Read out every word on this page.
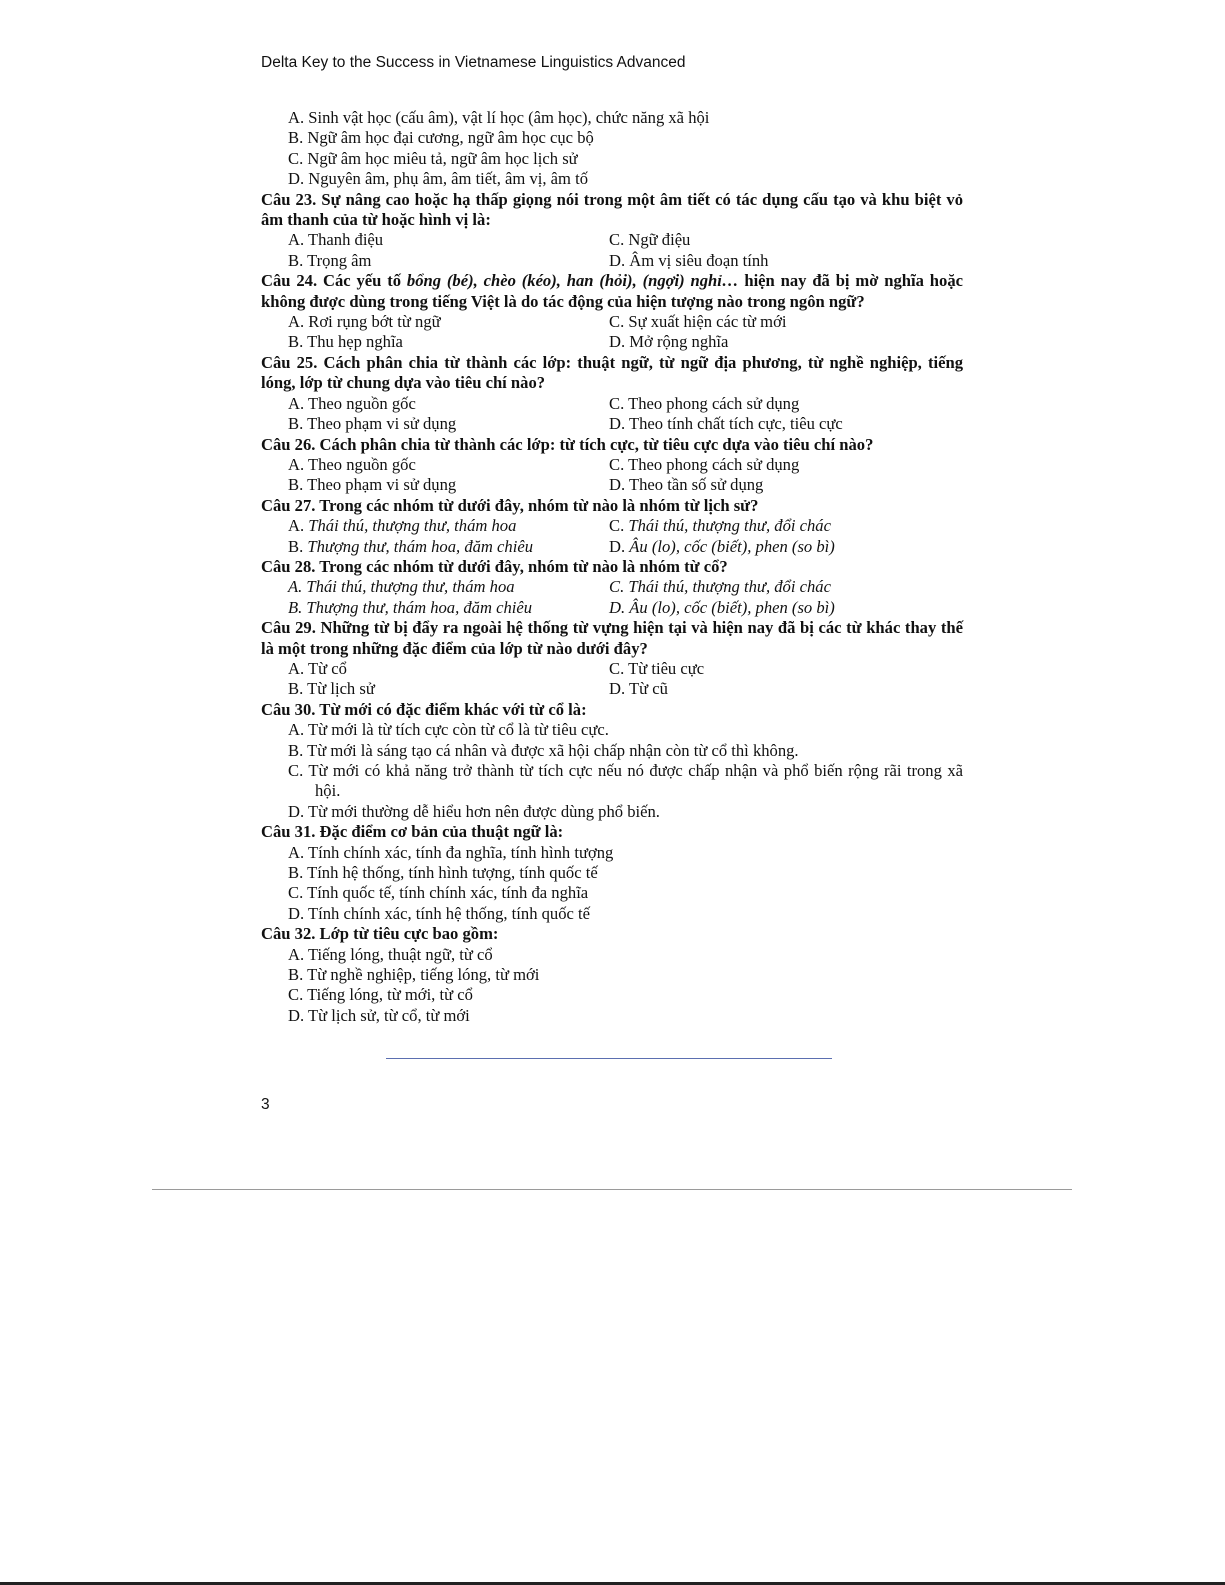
Delta Key to the Success in Vietnamese Linguistics Advanced
A. Sinh vật học (cấu âm), vật lí học (âm học), chức năng xã hội
B. Ngữ âm học đại cương, ngữ âm học cục bộ
C. Ngữ âm học miêu tả, ngữ âm học lịch sử
D. Nguyên âm, phụ âm, âm tiết, âm vị, âm tố
Câu 23. Sự nâng cao hoặc hạ thấp giọng nói trong một âm tiết có tác dụng cấu tạo và khu biệt vỏ âm thanh của từ hoặc hình vị là:
A. Thanh điệu	C. Ngữ điệu
B. Trọng âm	D. Âm vị siêu đoạn tính
Câu 24. Các yếu tố bổng (bé), chèo (kéo), han (hỏi), (ngợi) nghỉ… hiện nay đã bị mờ nghĩa hoặc không được dùng trong tiếng Việt là do tác động của hiện tượng nào trong ngôn ngữ?
A. Rơi rụng bớt từ ngữ	C. Sự xuất hiện các từ mới
B. Thu hẹp nghĩa	D. Mở rộng nghĩa
Câu 25. Cách phân chia từ thành các lớp: thuật ngữ, từ ngữ địa phương, từ nghề nghiệp, tiếng lóng, lớp từ chung dựa vào tiêu chí nào?
A. Theo nguồn gốc	C. Theo phong cách sử dụng
B. Theo phạm vi sử dụng	D. Theo tính chất tích cực, tiêu cực
Câu 26. Cách phân chia từ thành các lớp: từ tích cực, từ tiêu cực dựa vào tiêu chí nào?
A. Theo nguồn gốc	C. Theo phong cách sử dụng
B. Theo phạm vi sử dụng	D. Theo tần số sử dụng
Câu 27. Trong các nhóm từ dưới đây, nhóm từ nào là nhóm từ lịch sử?
A. Thái thú, thượng thư, thám hoa	C. Thái thú, thượng thư, đổi chác
B. Thượng thư, thám hoa, đăm chiêu	D. Âu (lo), cốc (biết), phen (so bì)
Câu 28. Trong các nhóm từ dưới đây, nhóm từ nào là nhóm từ cổ?
A. Thái thú, thượng thư, thám hoa	C. Thái thú, thượng thư, đổi chác
B. Thượng thư, thám hoa, đăm chiêu	D. Âu (lo), cốc (biết), phen (so bì)
Câu 29. Những từ bị đẩy ra ngoài hệ thống từ vựng hiện tại và hiện nay đã bị các từ khác thay thế là một trong những đặc điểm của lớp từ nào dưới đây?
A. Từ cổ	C. Từ tiêu cực
B. Từ lịch sử	D. Từ cũ
Câu 30. Từ mới có đặc điểm khác với từ cổ là:
A. Từ mới là từ tích cực còn từ cổ là từ tiêu cực.
B. Từ mới là sáng tạo cá nhân và được xã hội chấp nhận còn từ cổ thì không.
C. Từ mới có khả năng trở thành từ tích cực nếu nó được chấp nhận và phổ biến rộng rãi trong xã hội.
D. Từ mới thường dễ hiểu hơn nên được dùng phổ biến.
Câu 31. Đặc điểm cơ bản của thuật ngữ là:
A. Tính chính xác, tính đa nghĩa, tính hình tượng
B. Tính hệ thống, tính hình tượng, tính quốc tế
C. Tính quốc tế, tính chính xác, tính đa nghĩa
D. Tính chính xác, tính hệ thống, tính quốc tế
Câu 32. Lớp từ tiêu cực bao gồm:
A. Tiếng lóng, thuật ngữ, từ cổ
B. Từ nghề nghiệp, tiếng lóng, từ mới
C. Tiếng lóng, từ mới, từ cổ
D. Từ lịch sử, từ cổ, từ mới
3
